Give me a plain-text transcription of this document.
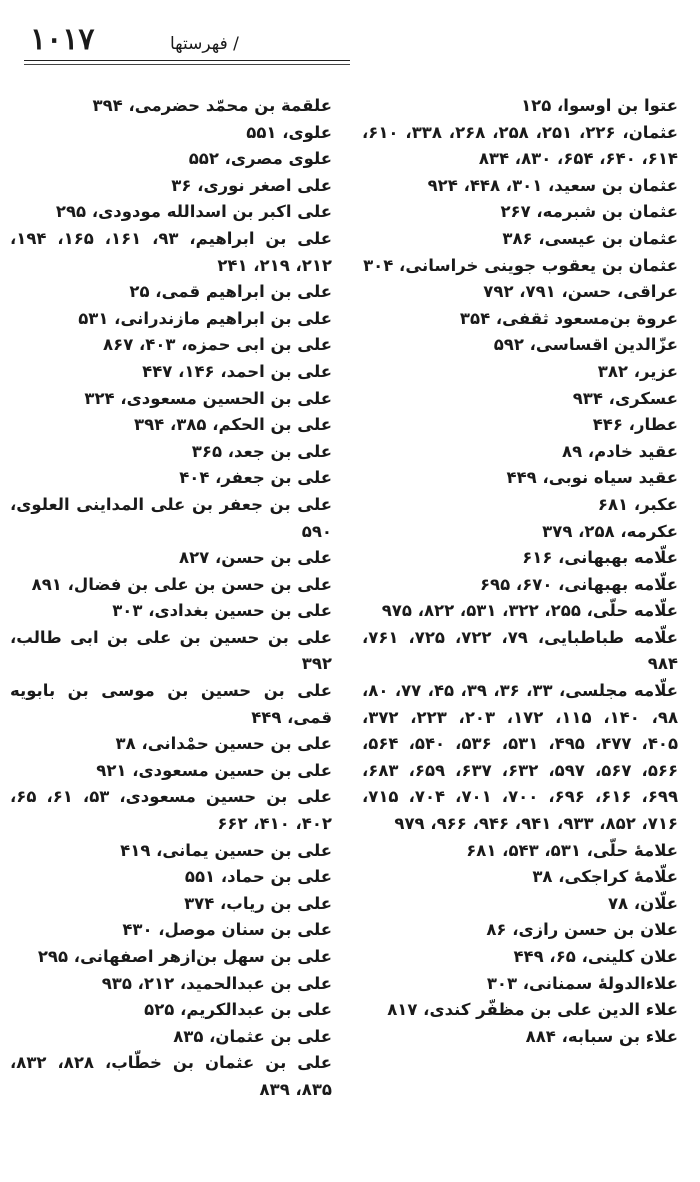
۱۰۱۷	/ فهرستها
عتوا بن اوسوا، ۱۲۵
عثمان، ۲۲۶، ۲۵۱، ۲۵۸، ۲۶۸، ۳۳۸، ۶۱۰، ۶۱۴، ۶۴۰، ۶۵۴، ۸۳۰، ۸۳۴
عثمان بن سعید، ۳۰۱، ۴۴۸، ۹۲۴
عثمان بن شبرمه، ۲۶۷
عثمان بن عیسی، ۳۸۶
عثمان بن یعقوب جوینی خراسانی، ۳۰۴
عراقی، حسن، ۷۹۱، ۷۹۲
عروة بن‌مسعود ثقفی، ۳۵۴
عزّالدین اقساسی، ۵۹۲
عزیر، ۳۸۲
عسکری، ۹۳۴
عطار، ۴۴۶
عقید خادم، ۸۹
عقید سیاه نوبی، ۴۴۹
عکبر، ۶۸۱
عکرمه، ۲۵۸، ۳۷۹
علّامه بهبهانی، ۶۱۶
علّامه بهبهانی، ۶۷۰، ۶۹۵
علّامه حلّی، ۲۵۵، ۳۲۲، ۵۳۱، ۸۲۲، ۹۷۵
علّامه طباطبایی، ۷۹، ۷۲۲، ۷۲۵، ۷۶۱، ۹۸۴
علّامه مجلسی، ۳۳، ۳۶، ۳۹، ۴۵، ۷۷، ۸۰، ۹۸، ۱۴۰، ۱۱۵، ۱۷۲، ۲۰۳، ۲۲۳، ۳۷۲، ۴۰۵، ۴۷۷، ۴۹۵، ۵۳۱، ۵۳۶، ۵۴۰، ۵۶۴، ۵۶۶، ۵۶۷، ۵۹۷، ۶۳۲، ۶۳۷، ۶۵۹، ۶۸۳، ۶۹۹، ۶۱۶، ۶۹۶، ۷۰۰، ۷۰۱، ۷۰۴، ۷۱۵، ۷۱۶، ۸۵۲، ۹۳۳، ۹۴۱، ۹۴۶، ۹۶۶، ۹۷۹
علامهٔ حلّی، ۵۳۱، ۵۴۳، ۶۸۱
علّامهٔ کراجکی، ۳۸
علّان، ۷۸
علان بن حسن رازی، ۸۶
علان کلینی، ۶۵، ۴۴۹
علاءالدولهٔ سمنانی، ۳۰۳
علاء الدین علی بن مظفّر کندی، ۸۱۷
علاء بن سبابه، ۸۸۴
علقمة بن محمّد حضرمی، ۳۹۴
علوی، ۵۵۱
علوی مصری، ۵۵۲
علی اصغر نوری، ۳۶
علی اکبر بن اسدالله مودودی، ۲۹۵
علی بن ابراهیم، ۹۳، ۱۶۱، ۱۶۵، ۱۹۴، ۲۱۲، ۲۱۹، ۲۴۱
علی بن ابراهیم قمی، ۲۵
علی بن ابراهیم مازندرانی، ۵۳۱
علی بن ابی حمزه، ۴۰۳، ۸۶۷
علی بن احمد، ۱۴۶، ۴۴۷
علی بن الحسین مسعودی، ۳۲۴
علی بن الحکم، ۳۸۵، ۳۹۴
علی بن جعد، ۳۶۵
علی بن جعفر، ۴۰۴
علی بن جعفر بن علی المداینی العلوی، ۵۹۰
علی بن حسن، ۸۲۷
علی بن حسن بن علی بن فضال، ۸۹۱
علی بن حسین بغدادی، ۳۰۳
علی بن حسین بن علی بن ابی طالب، ۳۹۲
علی بن حسین بن موسی بن بابویه قمی، ۴۴۹
علی بن حسین حمْدانی، ۳۸
علی بن حسین مسعودی، ۹۲۱
علی بن حسین مسعودی، ۵۳، ۶۱، ۶۵، ۴۰۲، ۴۱۰، ۶۶۲
علی بن حسین یمانی، ۴۱۹
علی بن حماد، ۵۵۱
علی بن ریاب، ۳۷۴
علی بن سنان موصل، ۴۳۰
علی بن سهل بن‌ازهر اصفهانی، ۲۹۵
علی بن عبدالحمید، ۲۱۲، ۹۳۵
علی بن عبدالکریم، ۵۲۵
علی بن عثمان، ۸۳۵
علی بن عثمان بن خطّاب، ۸۲۸، ۸۳۲، ۸۳۵، ۸۳۹
